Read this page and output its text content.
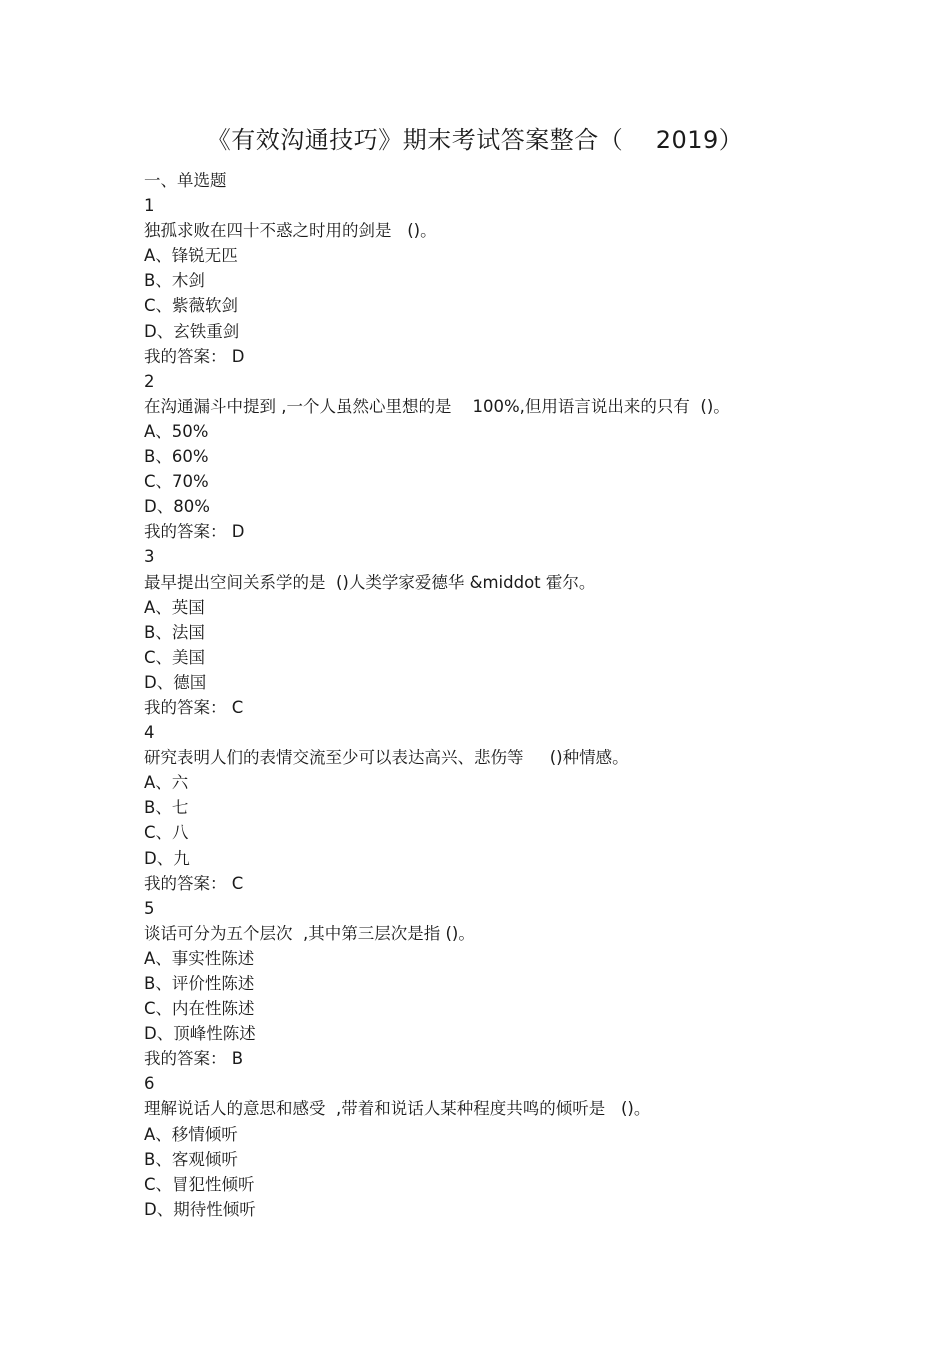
《有效沟通技巧》期末考试答案整合（    2019）
一、单选题
1
独孤求败在四十不惑之时用的剑是   ()。
A、锋锐无匹
B、木剑
C、紫薇软剑
D、玄铁重剑
我的答案： D
2
在沟通漏斗中提到 ,一个人虽然心里想的是    100%,但用语言说出来的只有  ()。
A、50%
B、60%
C、70%
D、80%
我的答案： D
3
最早提出空间关系学的是  ()人类学家爱德华 &middot 霍尔。
A、英国
B、法国
C、美国
D、德国
我的答案： C
4
研究表明人们的表情交流至少可以表达高兴、悲伤等     ()种情感。
A、六
B、七
C、八
D、九
我的答案： C
5
谈话可分为五个层次  ,其中第三层次是指 ()。
A、事实性陈述
B、评价性陈述
C、内在性陈述
D、顶峰性陈述
我的答案： B
6
理解说话人的意思和感受  ,带着和说话人某种程度共鸣的倾听是   ()。
A、移情倾听
B、客观倾听
C、冒犯性倾听
D、期待性倾听
